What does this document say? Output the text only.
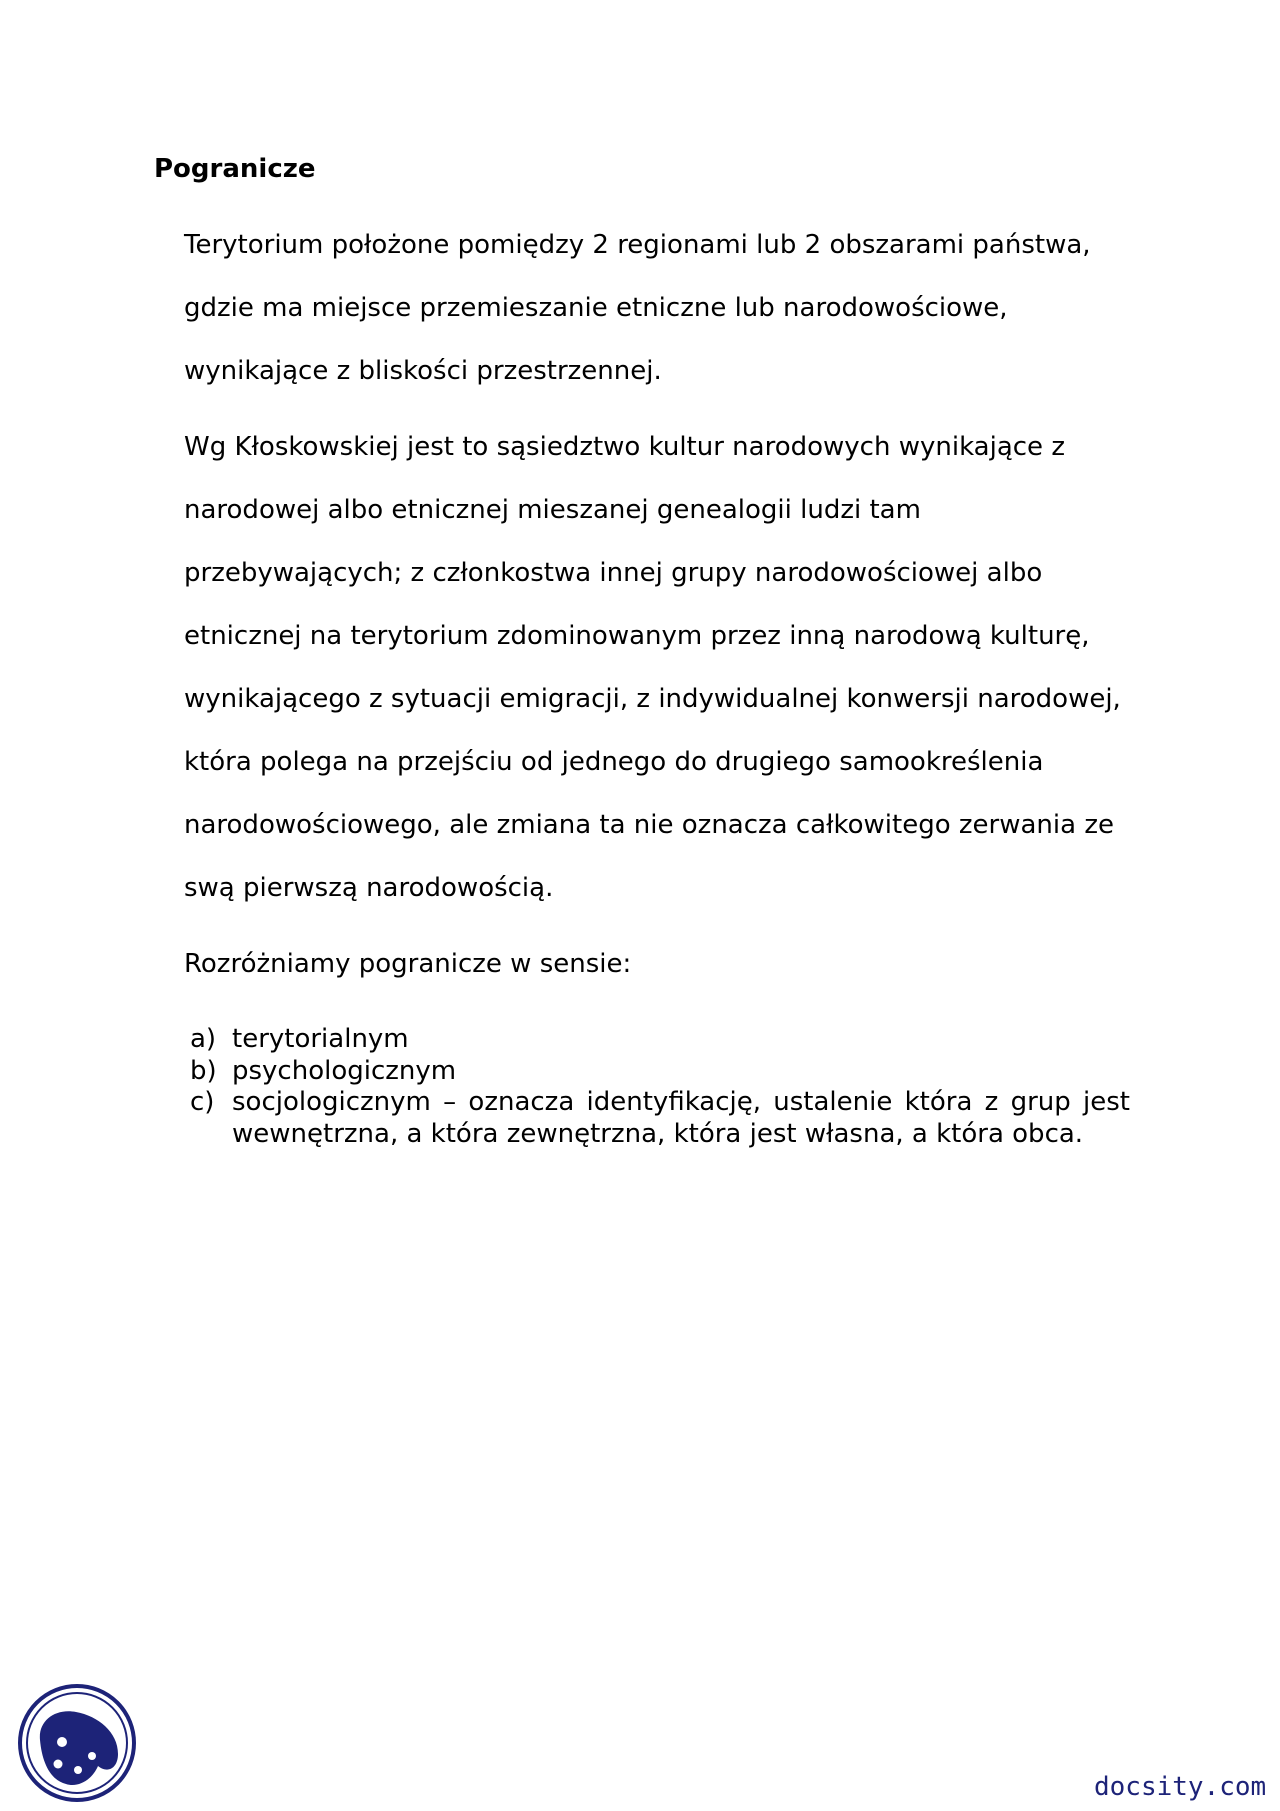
Pogranicze

Terytorium położone pomiędzy 2 regionami lub 2 obszarami państwa,

gdzie ma miejsce przemieszanie etniczne lub narodowościowe,

wynikające z bliskości przestrzennej.

Wg Kłoskowskiej jest to sąsiedztwo kultur narodowych wynikające z

narodowej albo etnicznej mieszanej genealogii ludzi tam

przebywających; z członkostwa innej grupy narodowościowej albo

etnicznej na terytorium zdominowanym przez inną narodową kulturę,

wynikającego z sytuacji emigracji, z indywidualnej konwersji narodowej,

która polega na przejściu od jednego do drugiego samookreślenia

narodowościowego, ale zmiana ta nie oznacza całkowitego zerwania ze

swą pierwszą narodowością.

Rozróżniamy pogranicze w sensie:

a) terytorialnym
b) psychologicznym
c) socjologicznym – oznacza identyfikację, ustalenie która z grup jest wewnętrzna, a która zewnętrzna, która jest własna, a która obca.
docsity.com
